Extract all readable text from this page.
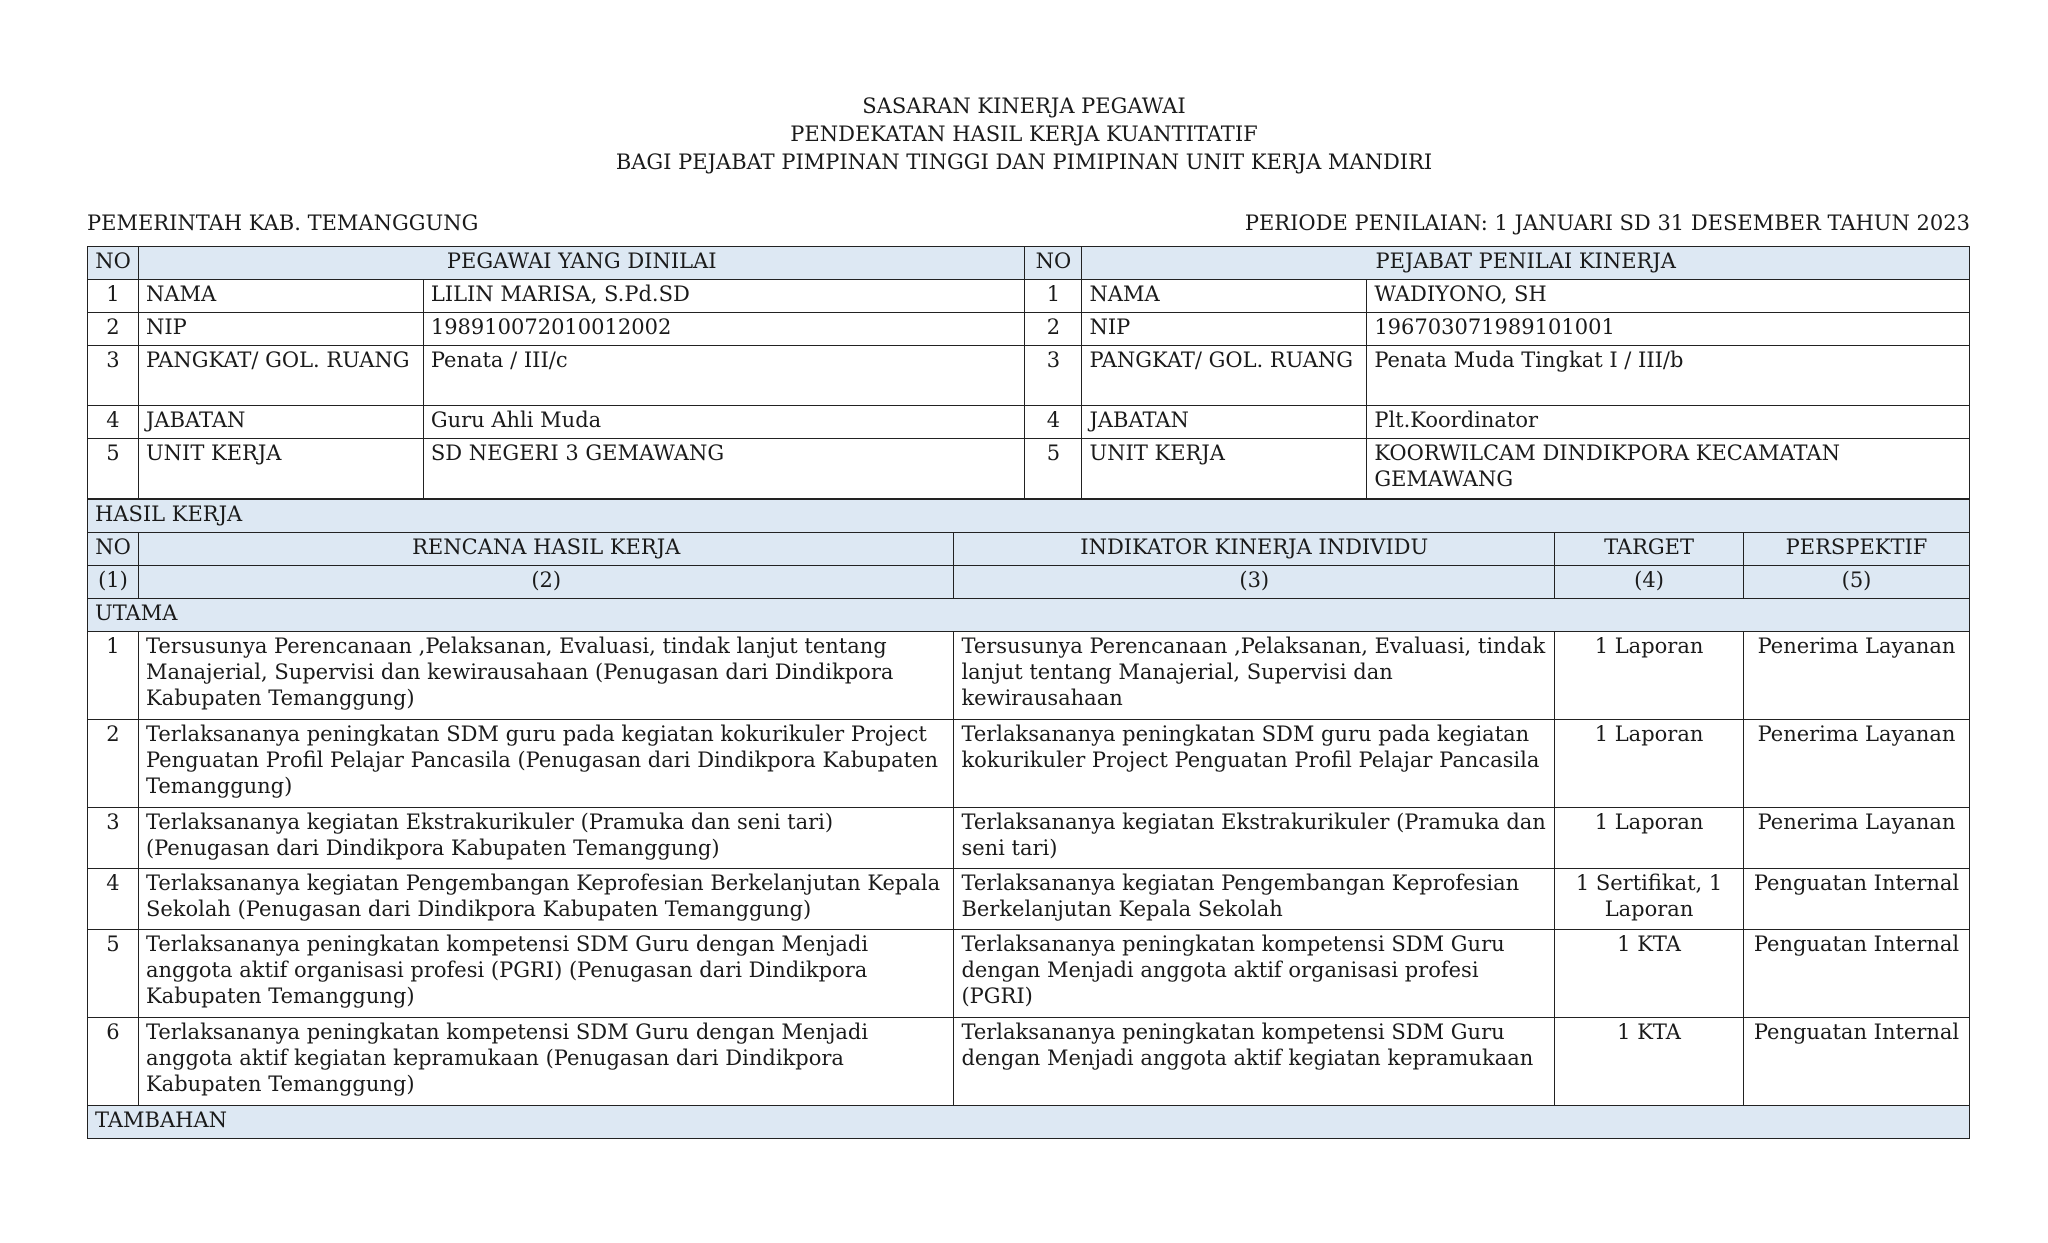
SASARAN KINERJA PEGAWAI
PENDEKATAN HASIL KERJA KUANTITATIF
BAGI PEJABAT PIMPINAN TINGGI DAN PIMIPINAN UNIT KERJA MANDIRI
PEMERINTAH KAB. TEMANGGUNG	PERIODE PENILAIAN: 1 JANUARI SD 31 DESEMBER TAHUN 2023
NO	PEGAWAI YANG DINILAI		NO	PEJABAT PENILAI KINERJA	
1	NAMA	LILIN MARISA, S.Pd.SD	1	NAMA	WADIYONO, SH
2	NIP	198910072010012002	2	NIP	196703071989101001
3	PANGKAT/ GOL. RUANG	Penata / III/c	3	PANGKAT/ GOL. RUANG	Penata Muda Tingkat I / III/b
4	JABATAN	Guru Ahli Muda	4	JABATAN	Plt.Koordinator
5	UNIT KERJA	SD NEGERI 3 GEMAWANG	5	UNIT KERJA	KOORWILCAM DINDIKPORA KECAMATAN GEMAWANG
HASIL KERJA				
NO	RENCANA HASIL KERJA	INDIKATOR KINERJA INDIVIDU	TARGET	PERSPEKTIF
(1)	(2)	(3)	(4)	(5)
UTAMA				
1	Tersusunya Perencanaan ,Pelaksanan, Evaluasi, tindak lanjut tentang Manajerial, Supervisi dan kewirausahaan (Penugasan dari Dindikpora Kabupaten Temanggung)	Tersusunya Perencanaan ,Pelaksanan, Evaluasi, tindak lanjut tentang Manajerial, Supervisi dan kewirausahaan	1 Laporan	Penerima Layanan
2	Terlaksananya peningkatan SDM guru pada kegiatan kokurikuler Project Penguatan Profil Pelajar Pancasila (Penugasan dari Dindikpora Kabupaten Temanggung)	Terlaksananya peningkatan SDM guru pada kegiatan kokurikuler Project Penguatan Profil Pelajar Pancasila	1 Laporan	Penerima Layanan
3	Terlaksananya kegiatan Ekstrakurikuler (Pramuka dan seni tari) (Penugasan dari Dindikpora Kabupaten Temanggung)	Terlaksananya kegiatan Ekstrakurikuler (Pramuka dan seni tari)	1 Laporan	Penerima Layanan
4	Terlaksananya kegiatan Pengembangan Keprofesian Berkelanjutan Kepala Sekolah (Penugasan dari Dindikpora Kabupaten Temanggung)	Terlaksananya kegiatan Pengembangan Keprofesian Berkelanjutan Kepala Sekolah	1 Sertifikat, 1 Laporan	Penguatan Internal
5	Terlaksananya peningkatan kompetensi SDM Guru dengan Menjadi anggota aktif organisasi profesi (PGRI) (Penugasan dari Dindikpora Kabupaten Temanggung)	Terlaksananya peningkatan kompetensi SDM Guru dengan Menjadi anggota aktif organisasi profesi (PGRI)	1 KTA	Penguatan Internal
6	Terlaksananya peningkatan kompetensi SDM Guru dengan Menjadi anggota aktif kegiatan kepramukaan (Penugasan dari Dindikpora Kabupaten Temanggung)	Terlaksananya peningkatan kompetensi SDM Guru dengan Menjadi anggota aktif kegiatan kepramukaan	1 KTA	Penguatan Internal
TAMBAHAN				
